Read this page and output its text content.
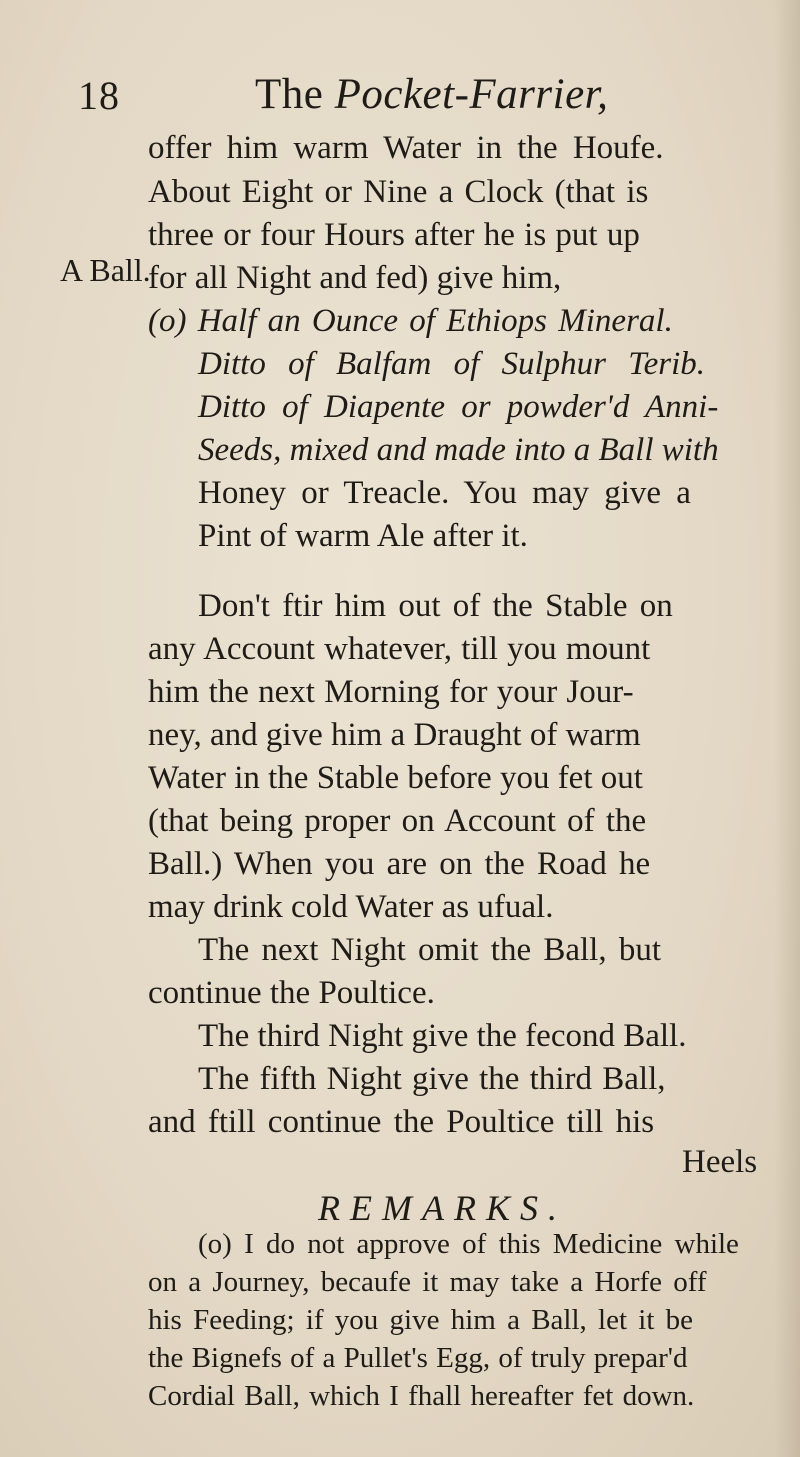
18	The Pocket-Farrier,
A Ball.
offer him warm Water in the Houfe.
About Eight or Nine a Clock (that is
three or four Hours after he is put up
for all Night and fed) give him,
(o) Half an Ounce of Ethiops Mineral.
Ditto of Balfam of Sulphur Terib.
Ditto of Diapente or powder'd Anni-
Seeds, mixed and made into a Ball with
Honey or Treacle. You may give a
Pint of warm Ale after it.
Don't ftir him out of the Stable on
any Account whatever, till you mount
him the next Morning for your Jour-
ney, and give him a Draught of warm
Water in the Stable before you fet out
(that being proper on Account of the
Ball.) When you are on the Road he
may drink cold Water as ufual.
The next Night omit the Ball, but
continue the Poultice.
The third Night give the fecond Ball.
The fifth Night give the third Ball,
and ftill continue the Poultice till his
Heels
REMARKS.
(o) I do not approve of this Medicine while
on a Journey, becaufe it may take a Horfe off
his Feeding; if you give him a Ball, let it be
the Bignefs of a Pullet's Egg, of truly prepar'd
Cordial Ball, which I fhall hereafter fet down.
